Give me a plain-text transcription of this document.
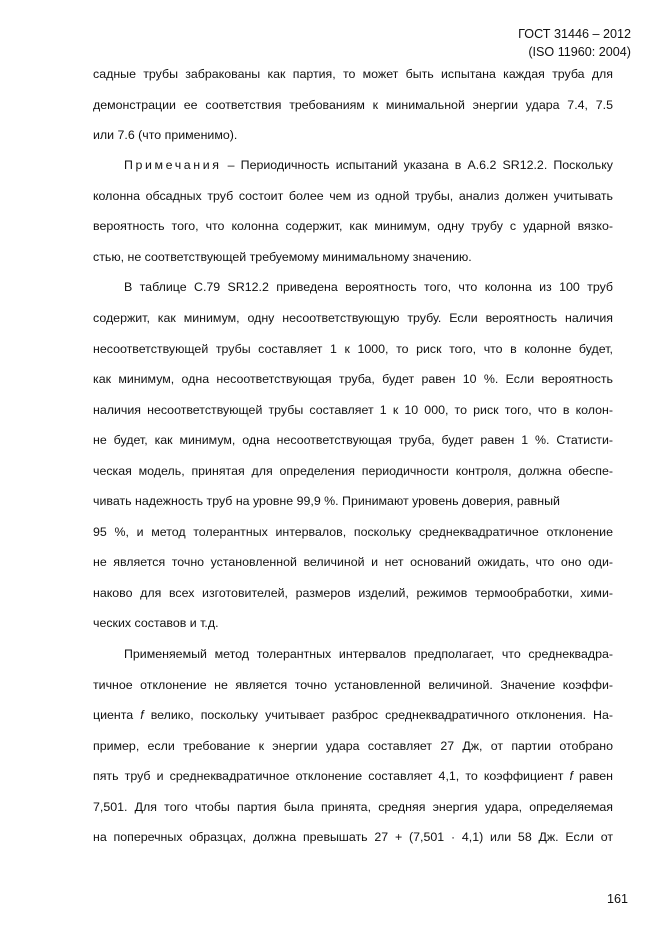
ГОСТ 31446 – 2012
(ISO 11960: 2004)
садные трубы забракованы как партия, то может быть испытана каждая труба для
демонстрации ее соответствия требованиям к минимальной энергии удара 7.4, 7.5
или 7.6 (что применимо).
Примечания – Периодичность испытаний указана в А.6.2 SR12.2. Поскольку
колонна обсадных труб состоит более чем из одной трубы, анализ должен учитывать
вероятность того, что колонна содержит, как минимум, одну трубу с ударной вязко-
стью, не соответствующей требуемому минимальному значению.
В таблице С.79 SR12.2 приведена вероятность того, что колонна из 100 труб
содержит, как минимум, одну несоответствующую трубу. Если вероятность наличия
несоответствующей трубы составляет 1 к 1000, то риск того, что в колонне будет,
как минимум, одна несоответствующая труба, будет равен 10 %. Если вероятность
наличия несоответствующей трубы составляет 1 к 10 000, то риск того, что в колон-
не будет, как минимум, одна несоответствующая труба, будет равен 1 %. Статисти-
ческая модель, принятая для определения периодичности контроля, должна обеспе-
чивать надежность труб на уровне 99,9 %. Принимают уровень доверия, равный
95 %, и метод толерантных интервалов, поскольку среднеквадратичное отклонение
не является точно установленной величиной и нет оснований ожидать, что оно оди-
наково для всех изготовителей, размеров изделий, режимов термообработки, хими-
ческих составов и т.д.
Применяемый метод толерантных интервалов предполагает, что среднеквадра-
тичное отклонение не является точно установленной величиной. Значение коэффи-
циента f велико, поскольку учитывает разброс среднеквадратичного отклонения. На-
пример, если требование к энергии удара составляет 27 Дж, от партии отобрано
пять труб и среднеквадратичное отклонение составляет 4,1, то коэффициент f равен
7,501. Для того чтобы партия была принята, средняя энергия удара, определяемая
на поперечных образцах, должна превышать 27 + (7,501 · 4,1) или 58 Дж. Если от
161
